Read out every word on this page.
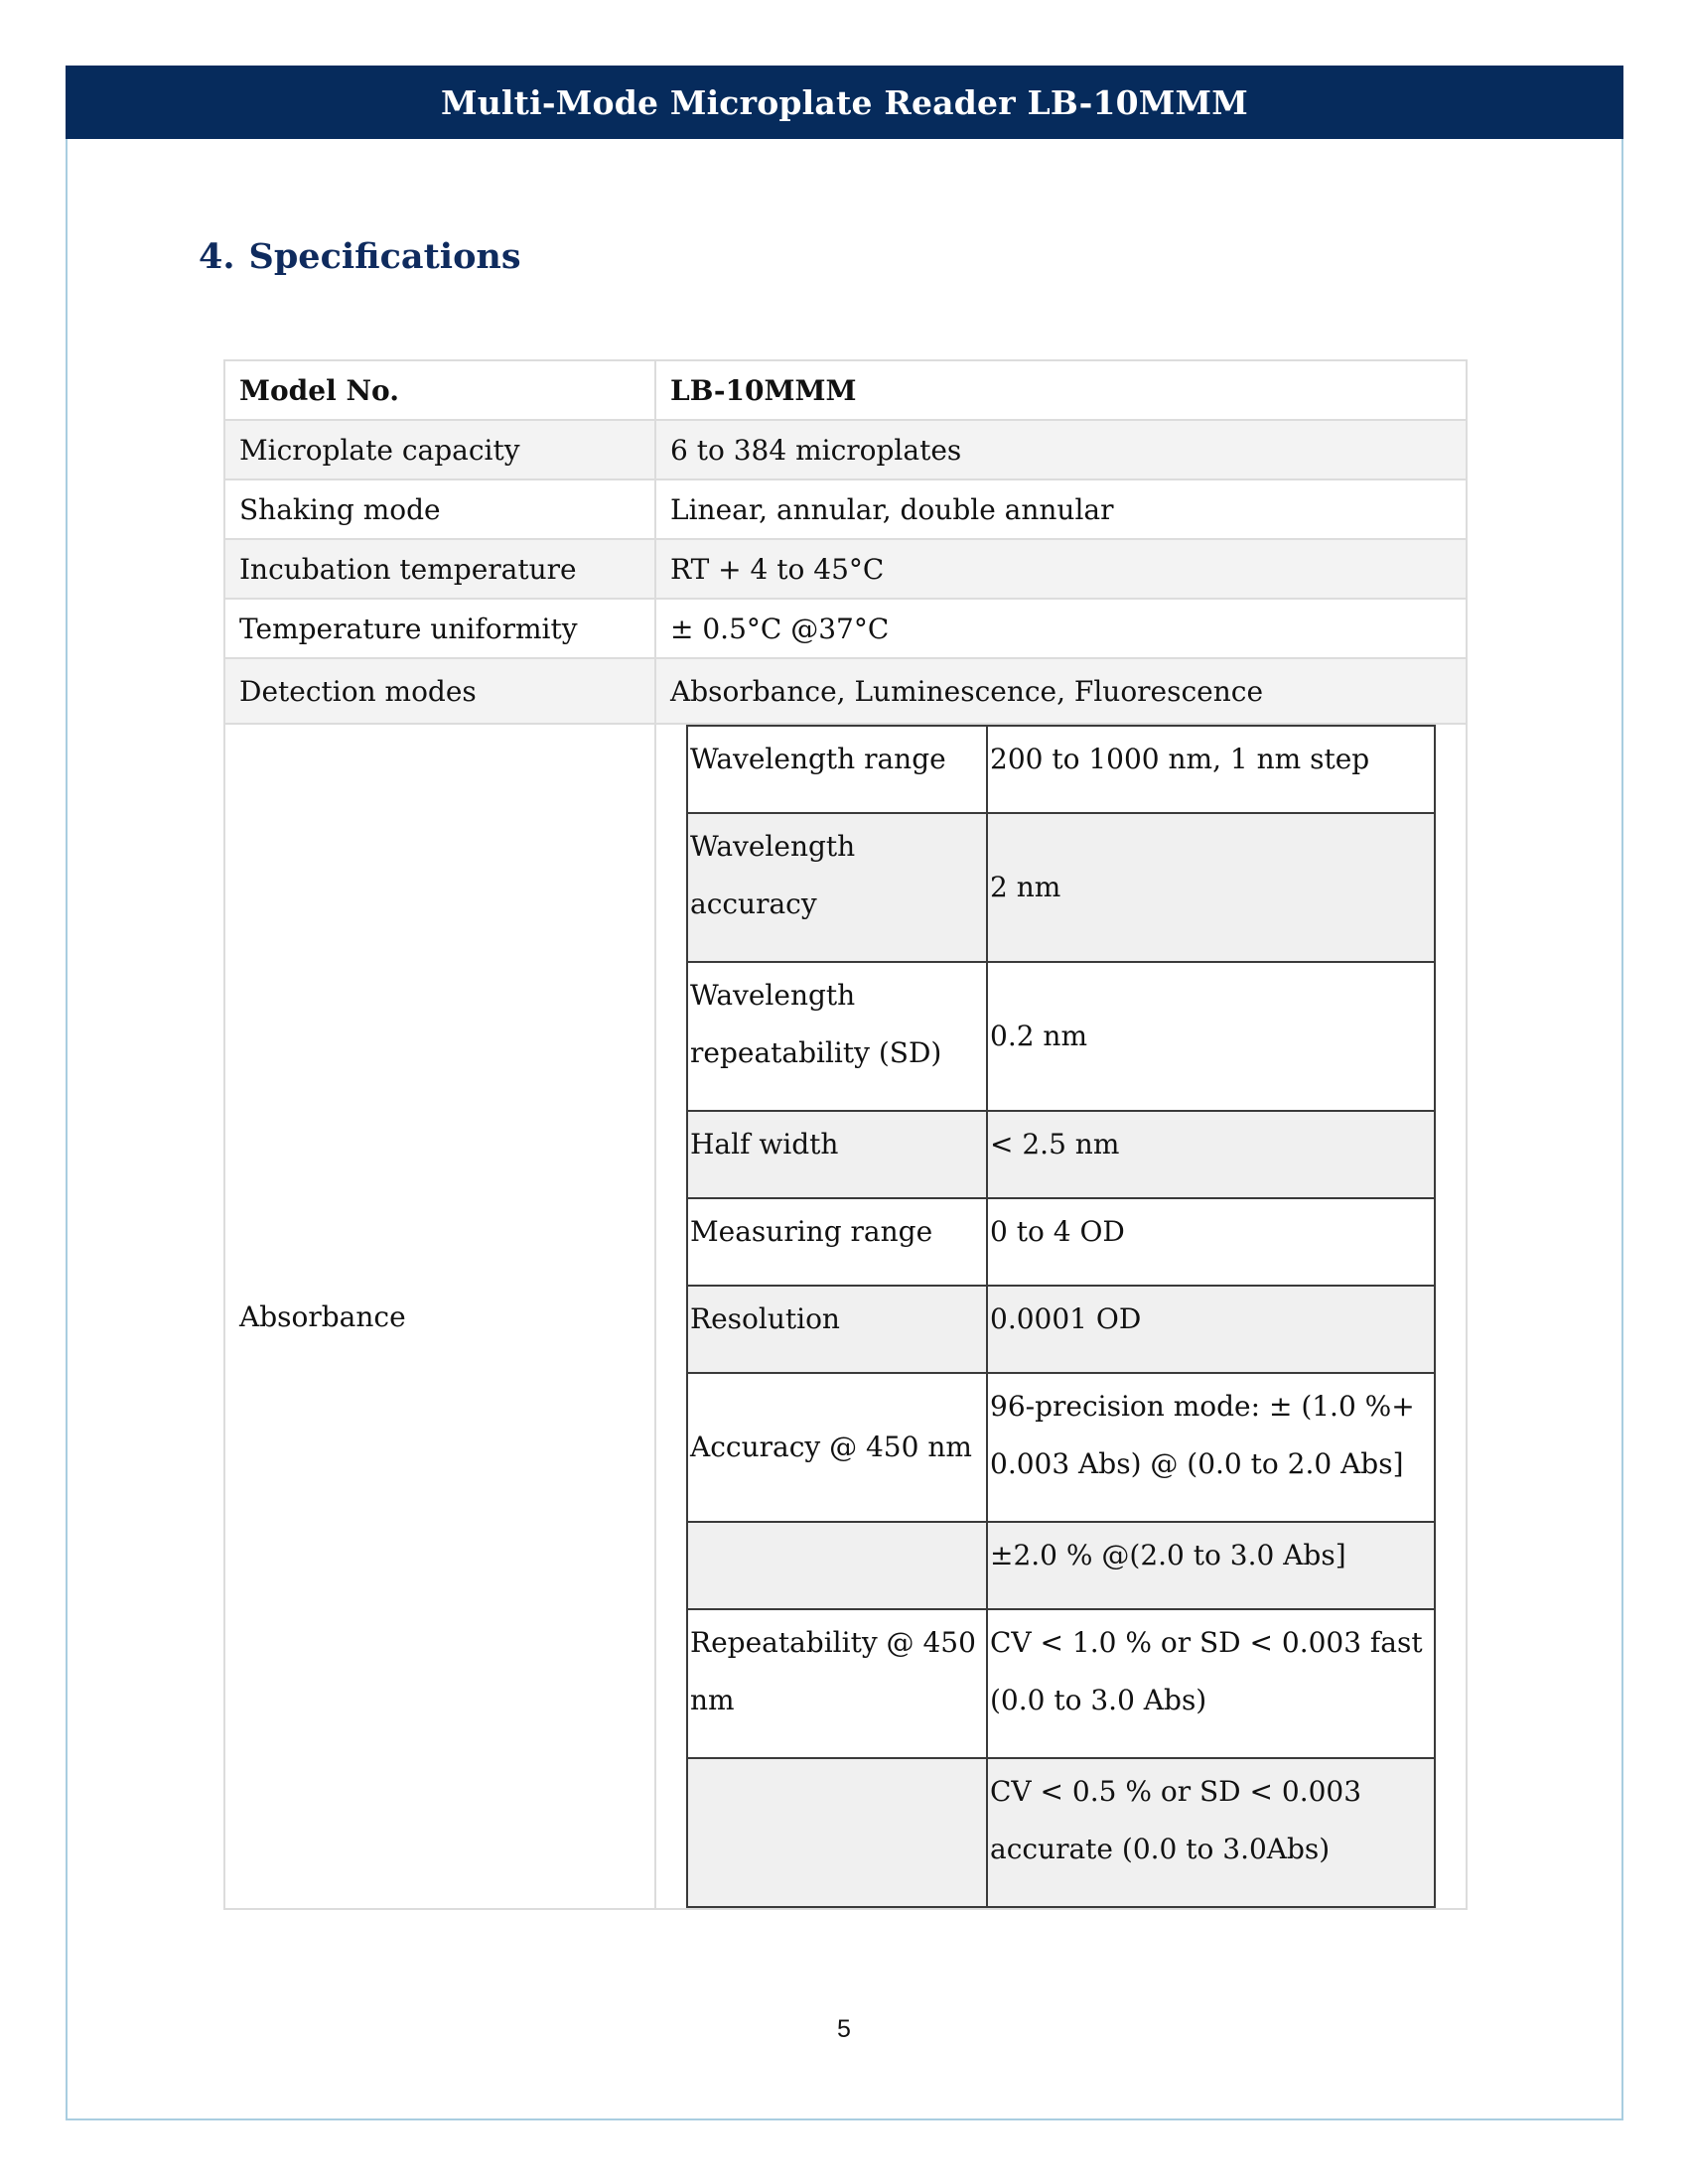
Multi-Mode Microplate Reader LB-10MMM
4. Specifications
Model No.	LB-10MMM
Microplate capacity	6 to 384 microplates
Shaking mode	Linear, annular, double annular
Incubation temperature	RT + 4 to 45°C
Temperature uniformity	± 0.5°C @37°C
Detection modes	Absorbance, Luminescence, Fluorescence
Absorbance	
Wavelength range	200 to 1000 nm, 1 nm step
Wavelength accuracy	2 nm
Wavelength repeatability (SD)	0.2 nm
Half width	< 2.5 nm
Measuring range	0 to 4 OD
Resolution	0.0001 OD
Accuracy @ 450 nm	96-precision mode: ± (1.0 %+ 0.003 Abs) @ (0.0 to 2.0 Abs]
	±2.0 % @(2.0 to 3.0 Abs]
Repeatability @ 450 nm	CV < 1.0 % or SD < 0.003 fast (0.0 to 3.0 Abs)
	CV < 0.5 % or SD < 0.003 accurate (0.0 to 3.0Abs)
5
